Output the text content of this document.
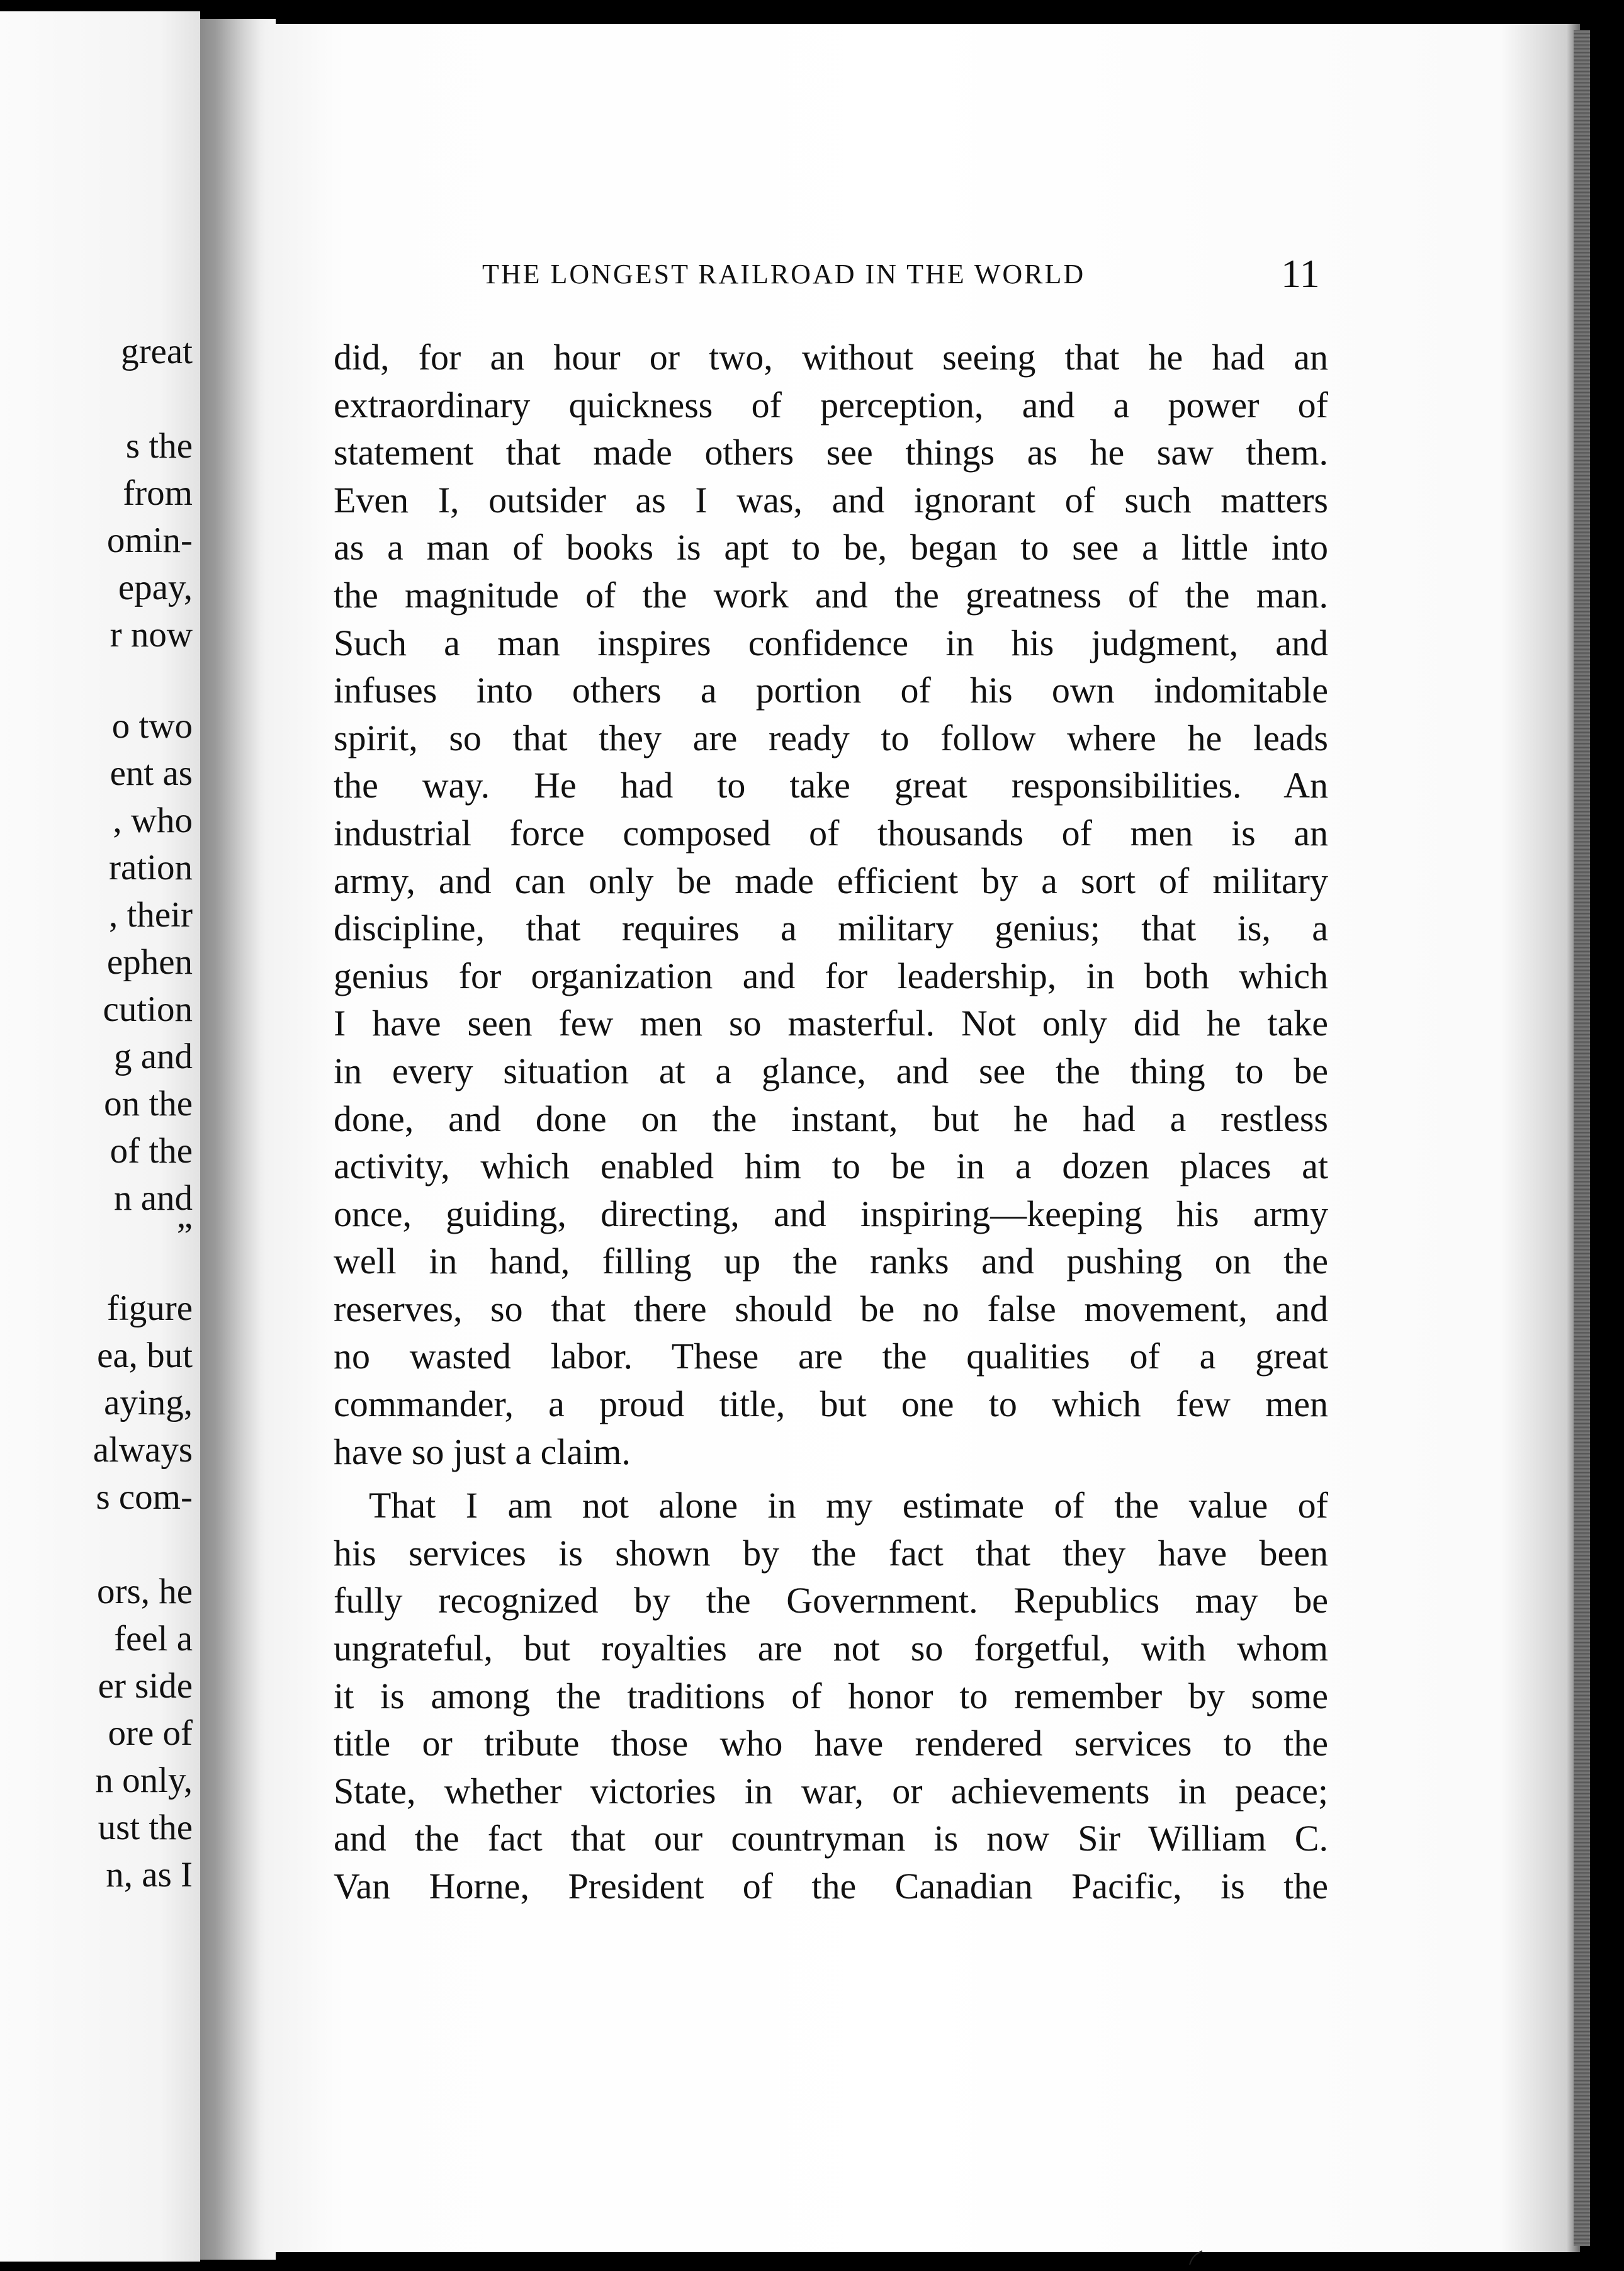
great
s the
from
omin-
epay,
r now
o two
ent as
, who
ration
, their
ephen
cution
g and
on the
of the
n and
”
figure
ea, but
aying,
always
s com-
ors, he
feel a
er side
ore of
n only,
ust the
n, as I
THE LONGEST RAILROAD IN THE WORLD	11
did, for an hour or two, without seeing that he had an
extraordinary quickness of perception, and a power of
statement that made others see things as he saw them.
Even I, outsider as I was, and ignorant of such matters
as a man of books is apt to be, began to see a little into
the magnitude of the work and the greatness of the man.
Such a man inspires confidence in his judgment, and
infuses into others a portion of his own indomitable
spirit, so that they are ready to follow where he leads
the way. He had to take great responsibilities. An
industrial force composed of thousands of men is an
army, and can only be made efficient by a sort of military
discipline, that requires a military genius; that is, a
genius for organization and for leadership, in both which
I have seen few men so masterful. Not only did he take
in every situation at a glance, and see the thing to be
done, and done on the instant, but he had a restless
activity, which enabled him to be in a dozen places at
once, guiding, directing, and inspiring—keeping his army
well in hand, filling up the ranks and pushing on the
reserves, so that there should be no false movement, and
no wasted labor. These are the qualities of a great
commander, a proud title, but one to which few men
have so just a claim.
That I am not alone in my estimate of the value of
his services is shown by the fact that they have been
fully recognized by the Government. Republics may be
ungrateful, but royalties are not so forgetful, with whom
it is among the traditions of honor to remember by some
title or tribute those who have rendered services to the
State, whether victories in war, or achievements in peace;
and the fact that our countryman is now Sir William C.
Van Horne, President of the Canadian Pacific, is the
